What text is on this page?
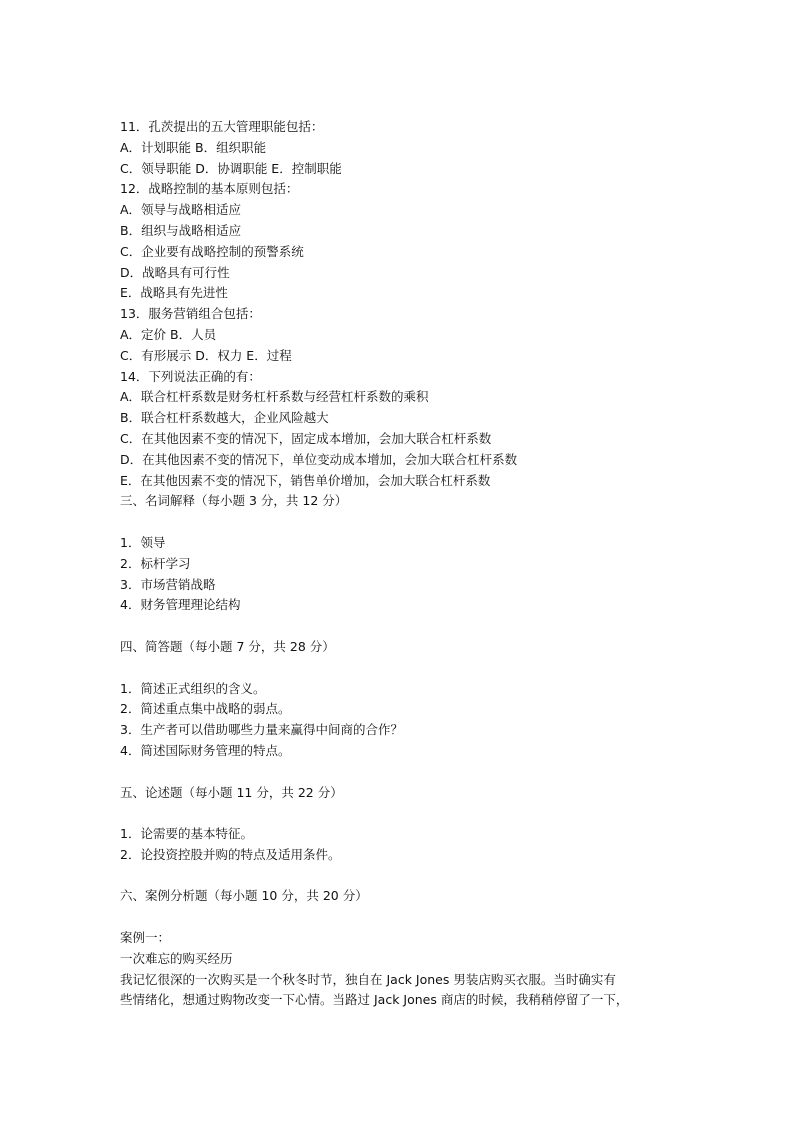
11．孔茨提出的五大管理职能包括：
A．计划职能 B．组织职能
C．领导职能 D．协调职能 E．控制职能
12．战略控制的基本原则包括：
A．领导与战略相适应
B．组织与战略相适应
C．企业要有战略控制的预警系统
D．战略具有可行性
E．战略具有先进性
13．服务营销组合包括：
A．定价 B．人员
C．有形展示 D．权力 E．过程
14．下列说法正确的有：
A．联合杠杆系数是财务杠杆系数与经营杠杆系数的乘积
B．联合杠杆系数越大，企业风险越大
C．在其他因素不变的情况下，固定成本增加，会加大联合杠杆系数
D．在其他因素不变的情况下，单位变动成本增加，会加大联合杠杆系数
E．在其他因素不变的情况下，销售单价增加，会加大联合杠杆系数
三、名词解释（每小题 3 分，共 12 分）
1．领导
2．标杆学习
3．市场营销战略
4．财务管理理论结构
四、简答题（每小题 7 分，共 28 分）
1．简述正式组织的含义。
2．简述重点集中战略的弱点。
3．生产者可以借助哪些力量来赢得中间商的合作？
4．简述国际财务管理的特点。
五、论述题（每小题 11 分，共 22 分）
1．论需要的基本特征。
2．论投资控股并购的特点及适用条件。
六、案例分析题（每小题 10 分，共 20 分）
案例一：
一次难忘的购买经历
我记忆很深的一次购买是一个秋冬时节，独自在 Jack Jones 男装店购买衣服。当时确实有
些情绪化，想通过购物改变一下心情。当路过 Jack Jones 商店的时候，我稍稍停留了一下，
